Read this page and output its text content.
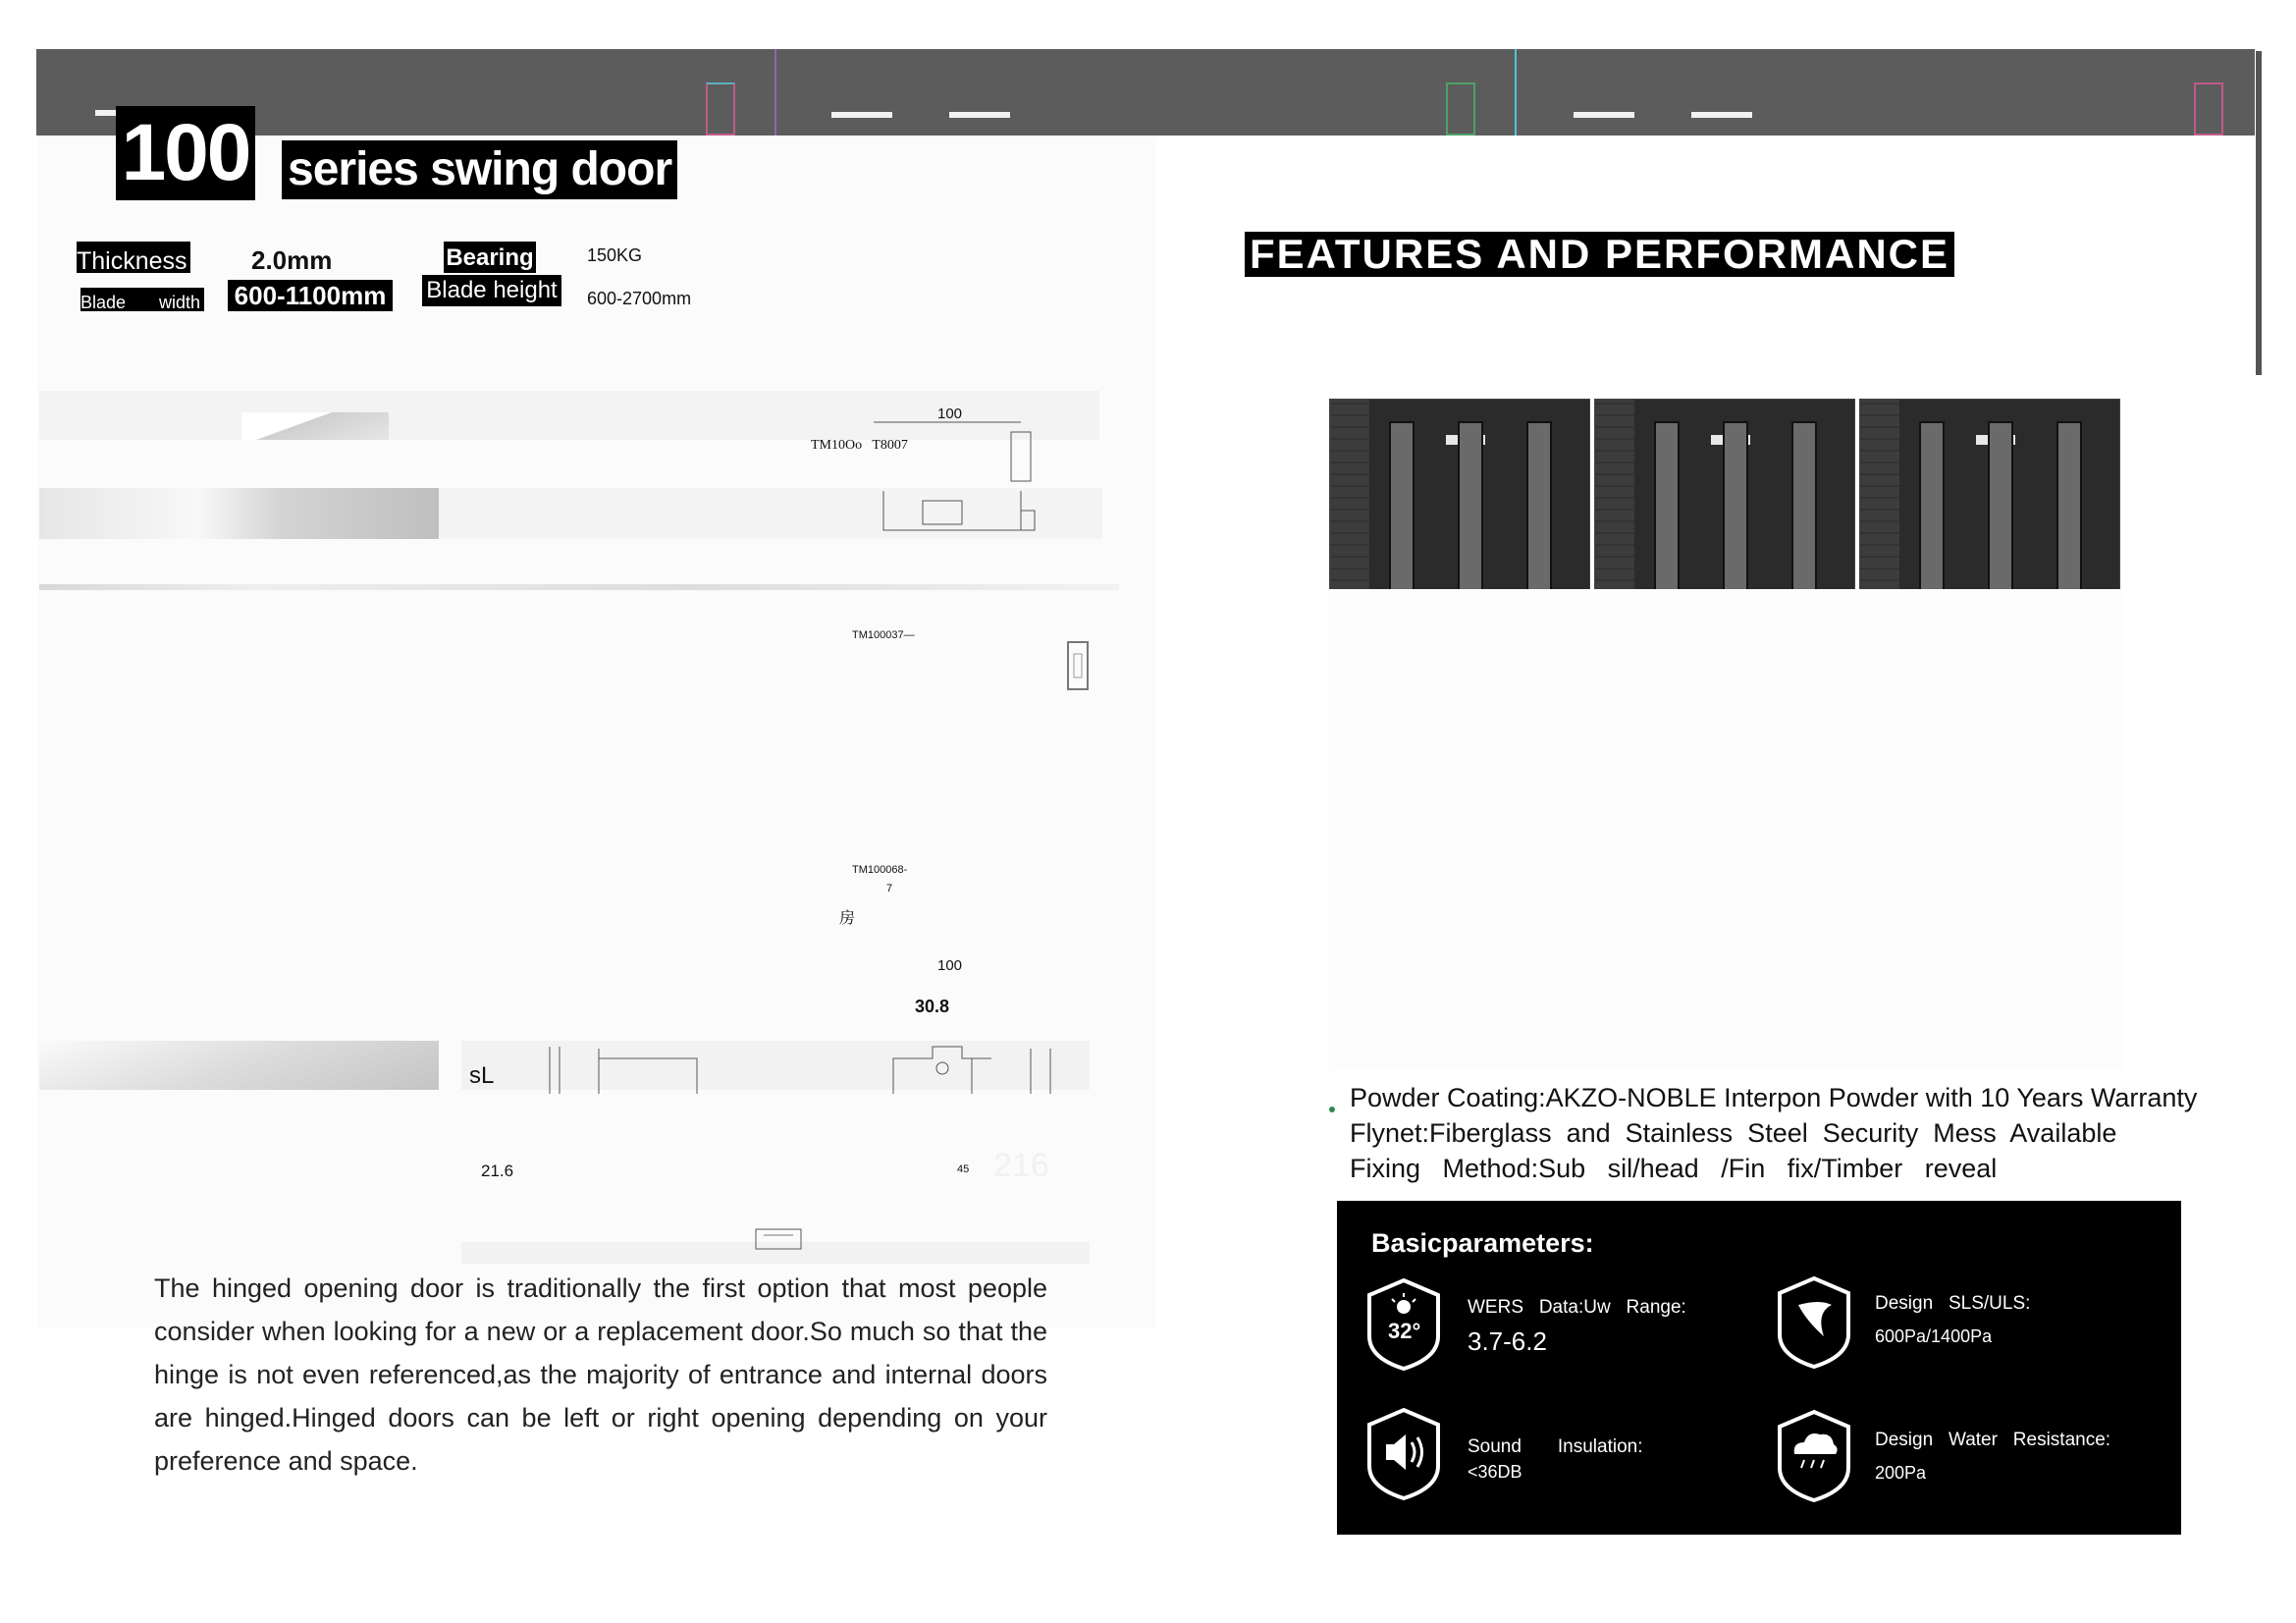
100 series swing door
Thickness	2.0mm	Bearing	150KG
Blade width 600-1100mm Blade height 600-2700mm
100
TM10Oo   T8007
TM100037—
TM100068-
7
房
100
30.8
sL
21.6	45 216
The hinged opening door is traditionally the first option that most people consider when looking for a new or a replacement door.So much so that the hinge is not even referenced,as the majority of entrance and internal doors are hinged.Hinged doors can be left or right opening depending on your preference and space.
FEATURES AND PERFORMANCE
Powder Coating:AKZO-NOBLE Interpon Powder with 10 Years Warranty
Flynet:Fiberglass  and  Stainless  Steel  Security  Mess  Available
Fixing   Method:Sub   sil/head   /Fin   fix/Timber   reveal
Basicparameters:
32°
WERS   Data:Uw   Range:
3.7-6.2
Design   SLS/ULS:
600Pa/1400Pa
Sound       Insulation:
<36DB
Design   Water   Resistance:
200Pa
